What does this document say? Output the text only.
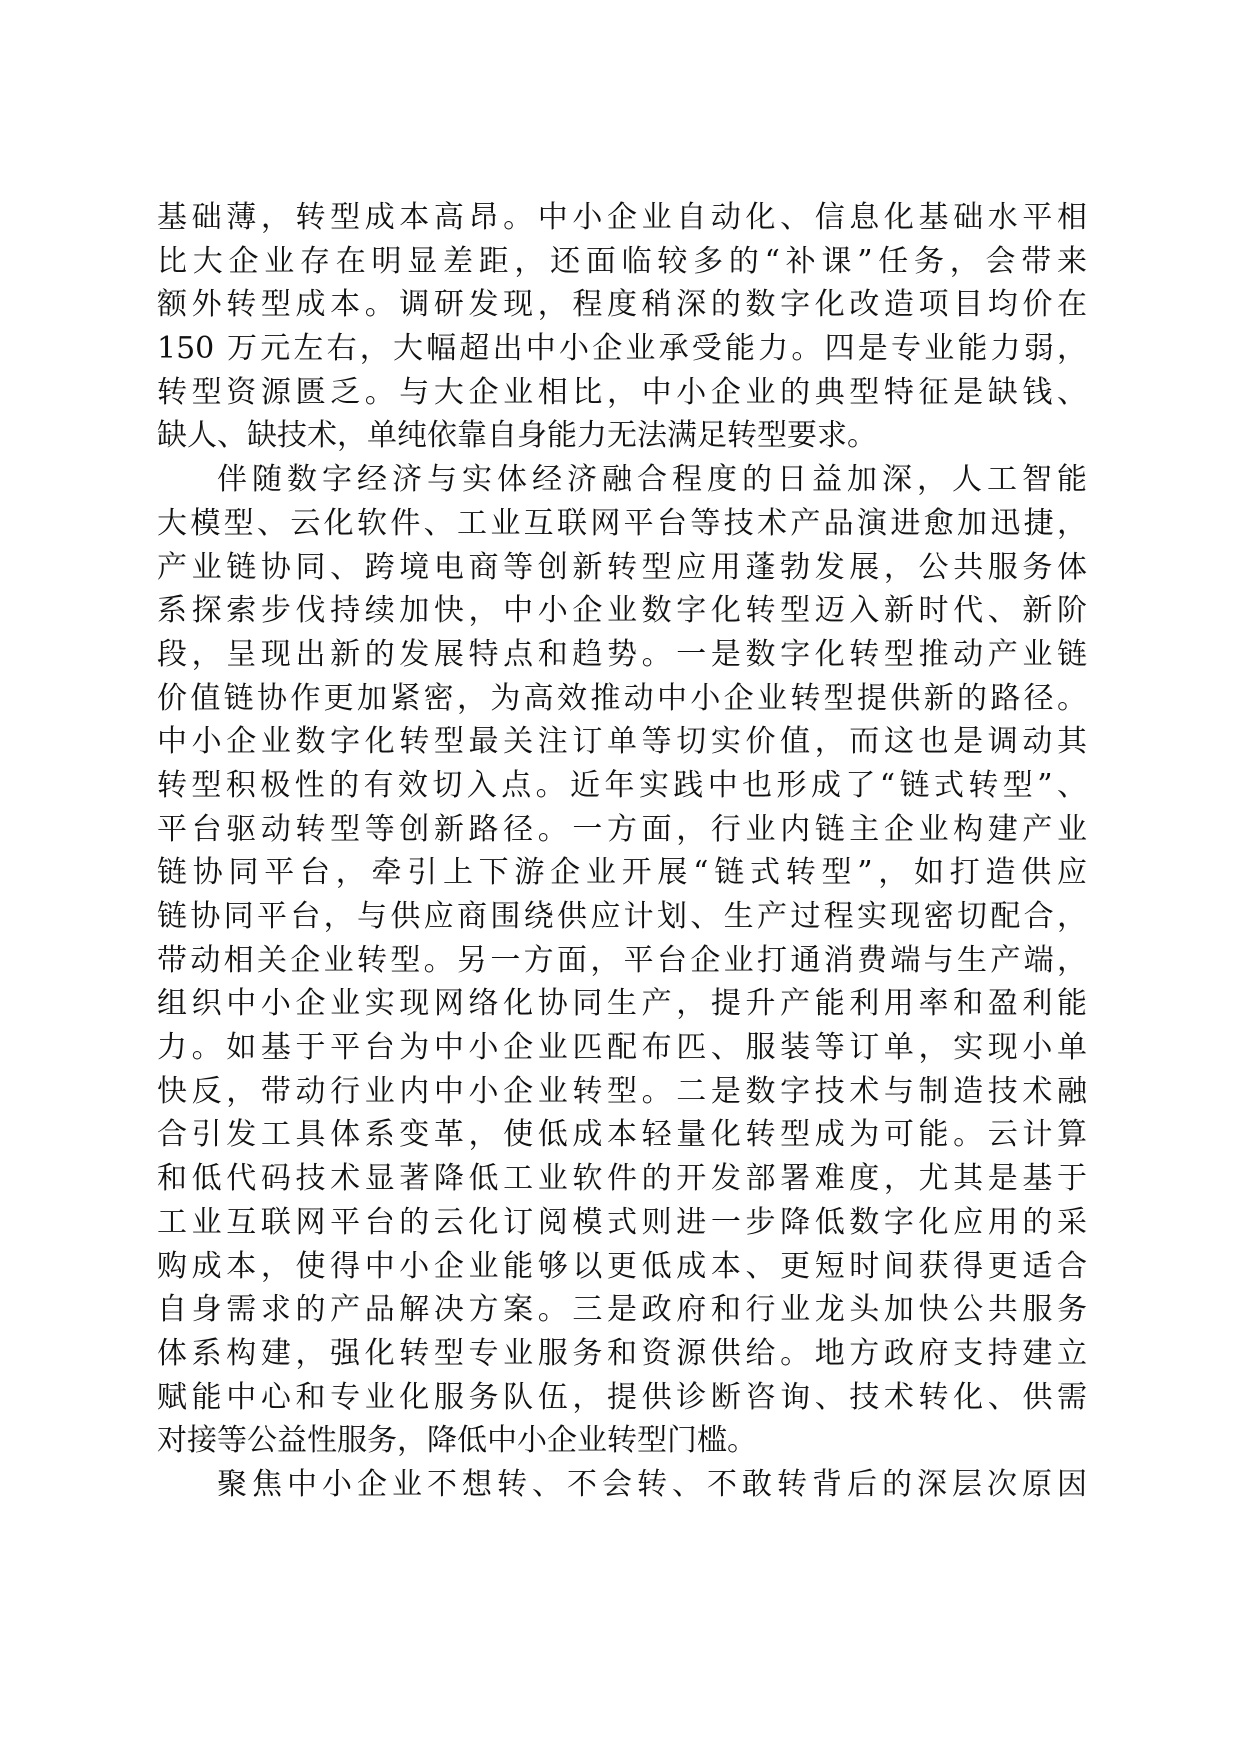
基础薄，转型成本高昂。中小企业自动化、信息化基础水平相
比大企业存在明显差距，还面临较多的“补课”任务，会带来
额外转型成本。调研发现，程度稍深的数字化改造项目均价在
150 万元左右，大幅超出中小企业承受能力。四是专业能力弱，
转型资源匮乏。与大企业相比，中小企业的典型特征是缺钱、
缺人、缺技术，单纯依靠自身能力无法满足转型要求。
伴随数字经济与实体经济融合程度的日益加深，人工智能
大模型、云化软件、工业互联网平台等技术产品演进愈加迅捷，
产业链协同、跨境电商等创新转型应用蓬勃发展，公共服务体
系探索步伐持续加快，中小企业数字化转型迈入新时代、新阶
段，呈现出新的发展特点和趋势。一是数字化转型推动产业链
价值链协作更加紧密，为高效推动中小企业转型提供新的路径。
中小企业数字化转型最关注订单等切实价值，而这也是调动其
转型积极性的有效切入点。近年实践中也形成了“链式转型”、
平台驱动转型等创新路径。一方面，行业内链主企业构建产业
链协同平台，牵引上下游企业开展“链式转型”，如打造供应
链协同平台，与供应商围绕供应计划、生产过程实现密切配合，
带动相关企业转型。另一方面，平台企业打通消费端与生产端，
组织中小企业实现网络化协同生产，提升产能利用率和盈利能
力。如基于平台为中小企业匹配布匹、服装等订单，实现小单
快反，带动行业内中小企业转型。二是数字技术与制造技术融
合引发工具体系变革，使低成本轻量化转型成为可能。云计算
和低代码技术显著降低工业软件的开发部署难度，尤其是基于
工业互联网平台的云化订阅模式则进一步降低数字化应用的采
购成本，使得中小企业能够以更低成本、更短时间获得更适合
自身需求的产品解决方案。三是政府和行业龙头加快公共服务
体系构建，强化转型专业服务和资源供给。地方政府支持建立
赋能中心和专业化服务队伍，提供诊断咨询、技术转化、供需
对接等公益性服务，降低中小企业转型门槛。
聚焦中小企业不想转、不会转、不敢转背后的深层次原因
